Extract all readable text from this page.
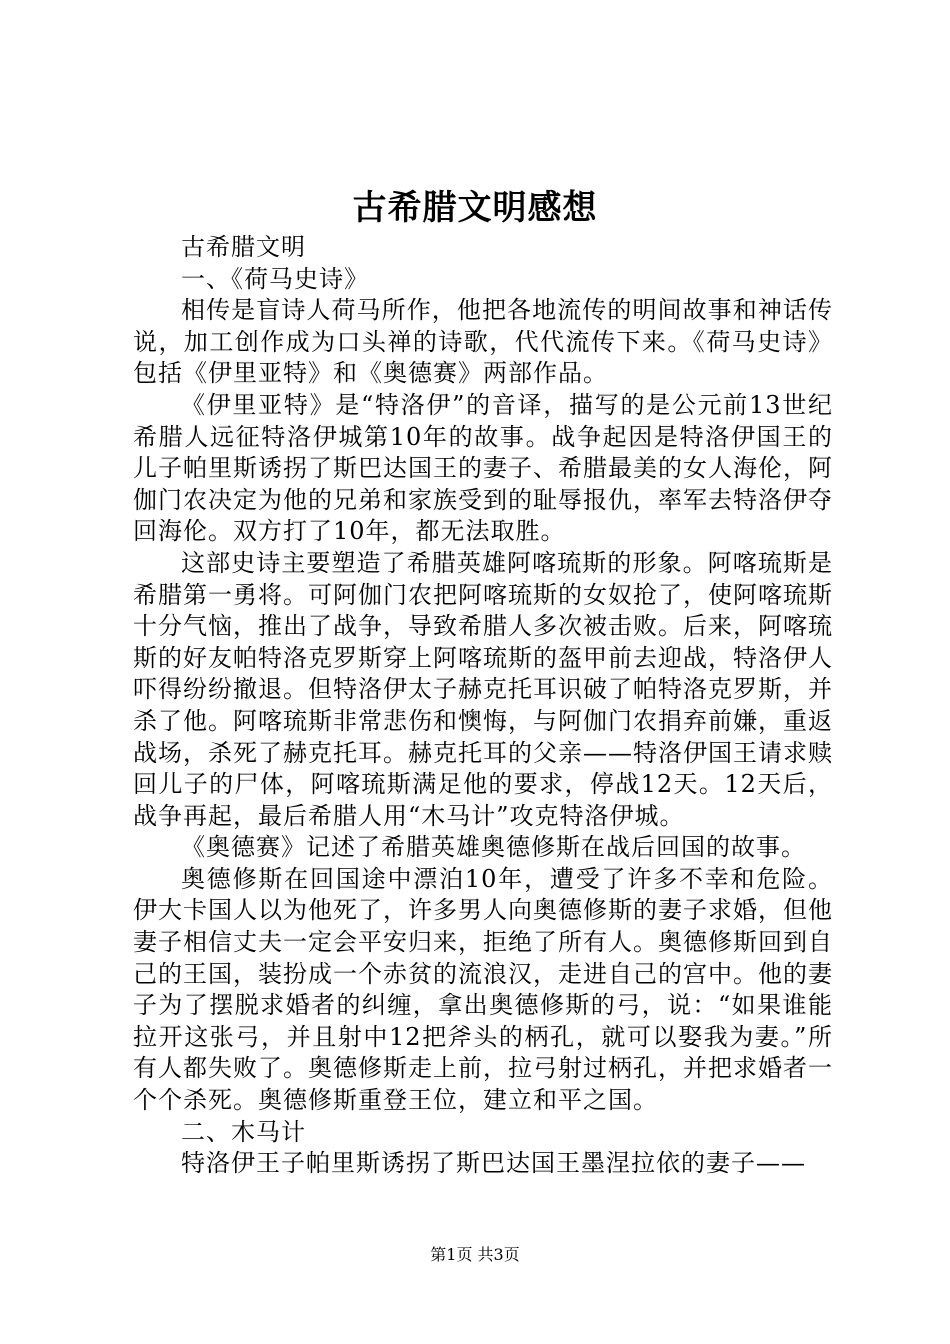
古希腊文明感想

古希腊文明

一、《荷马史诗》

相传是盲诗人荷马所作，他把各地流传的明间故事和神话传说，加工创作成为口头禅的诗歌，代代流传下来。《荷马史诗》包括《伊里亚特》和《奥德赛》两部作品。

《伊里亚特》是“特洛伊”的音译，描写的是公元前13世纪希腊人远征特洛伊城第10年的故事。战争起因是特洛伊国王的儿子帕里斯诱拐了斯巴达国王的妻子、希腊最美的女人海伦，阿伽门农决定为他的兄弟和家族受到的耻辱报仇，率军去特洛伊夺回海伦。双方打了10年，都无法取胜。

这部史诗主要塑造了希腊英雄阿喀琉斯的形象。阿喀琉斯是希腊第一勇将。可阿伽门农把阿喀琉斯的女奴抢了，使阿喀琉斯十分气恼，推出了战争，导致希腊人多次被击败。后来，阿喀琉斯的好友帕特洛克罗斯穿上阿喀琉斯的盔甲前去迎战，特洛伊人吓得纷纷撤退。但特洛伊太子赫克托耳识破了帕特洛克罗斯，并杀了他。阿喀琉斯非常悲伤和懊悔，与阿伽门农捐弃前嫌，重返战场，杀死了赫克托耳。赫克托耳的父亲——特洛伊国王请求赎回儿子的尸体，阿喀琉斯满足他的要求，停战12天。12天后，战争再起，最后希腊人用“木马计”攻克特洛伊城。

《奥德赛》记述了希腊英雄奥德修斯在战后回国的故事。

奥德修斯在回国途中漂泊10年，遭受了许多不幸和危险。伊大卡国人以为他死了，许多男人向奥德修斯的妻子求婚，但他妻子相信丈夫一定会平安归来，拒绝了所有人。奥德修斯回到自己的王国，装扮成一个赤贫的流浪汉，走进自己的宫中。他的妻子为了摆脱求婚者的纠缠，拿出奥德修斯的弓，说：“如果谁能拉开这张弓，并且射中12把斧头的柄孔，就可以娶我为妻。”所有人都失败了。奥德修斯走上前，拉弓射过柄孔，并把求婚者一个个杀死。奥德修斯重登王位，建立和平之国。

二、木马计

特洛伊王子帕里斯诱拐了斯巴达国王墨涅拉依的妻子——

第1页 共3页
